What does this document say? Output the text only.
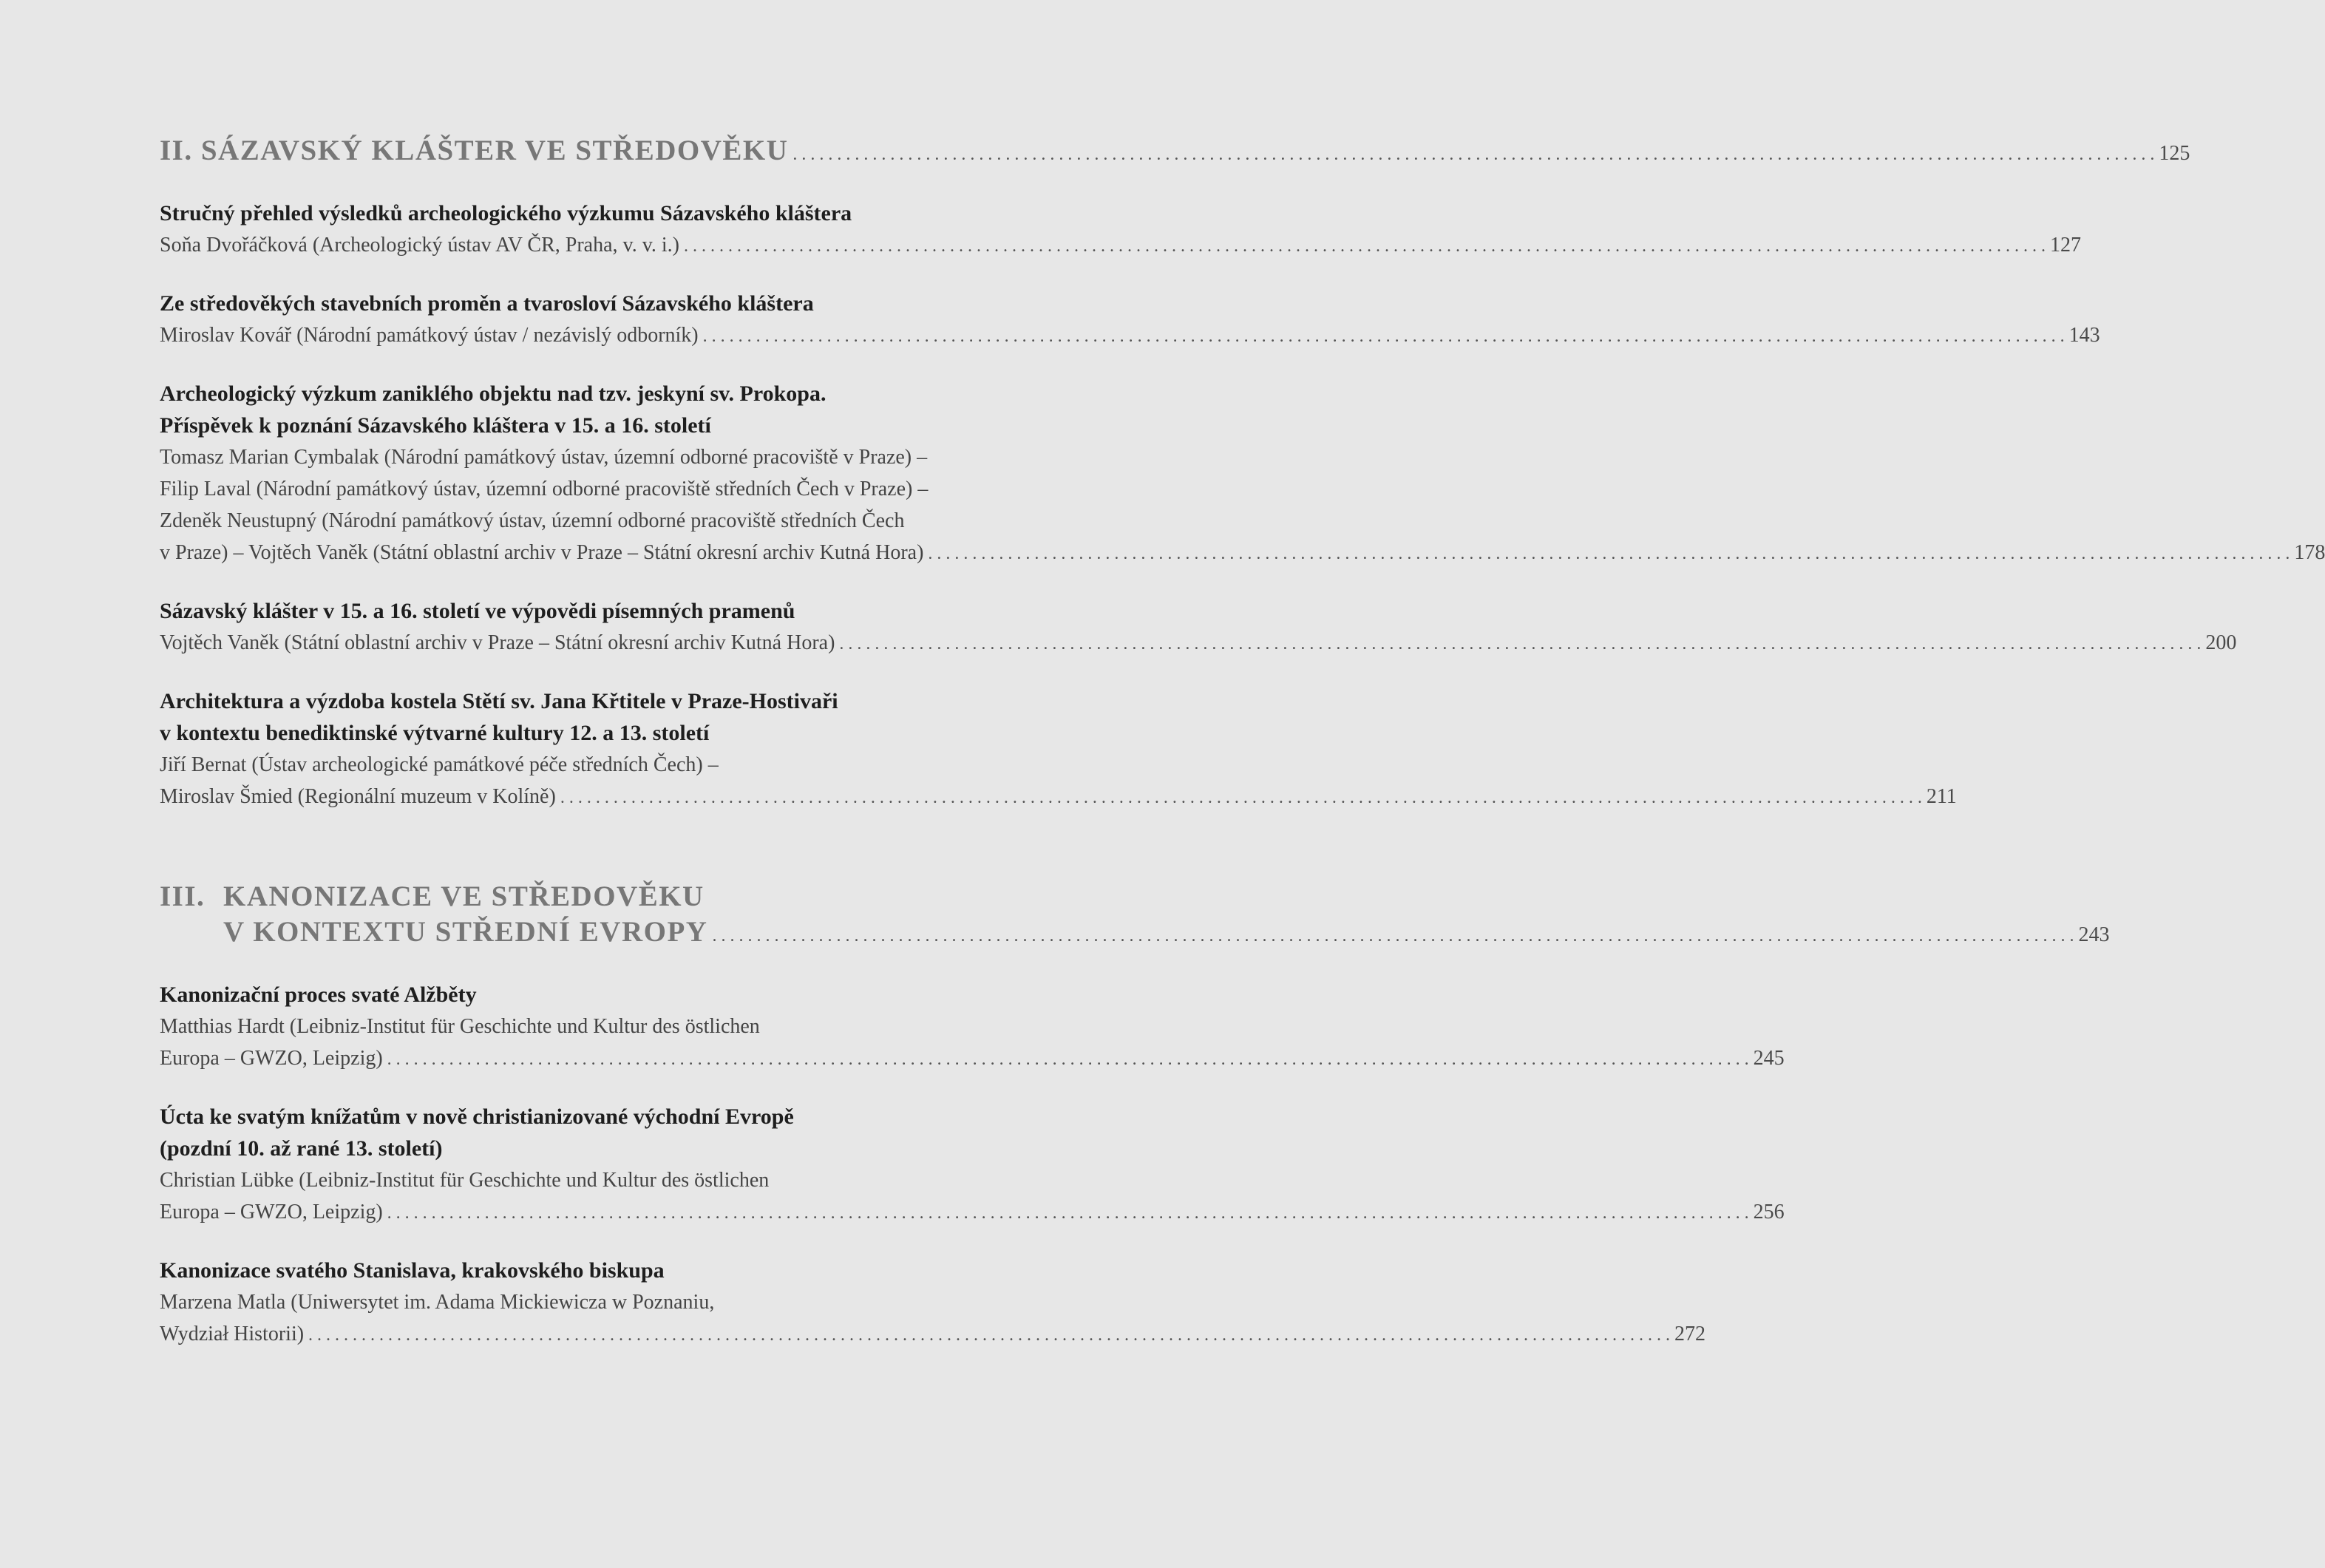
II. SÁZAVSKÝ KLÁŠTER VE STŘEDOVĚKU . . .	125
Stručný přehled výsledků archeologického výzkumu Sázavského kláštera
Soňa Dvořáčková (Archeologický ústav AV ČR, Praha, v. v. i.) . . .	127
Ze středověkých stavebních proměn a tvarosloví Sázavského kláštera
Miroslav Kovář (Národní památkový ústav / nezávislý odborník) . . .	143
Archeologický výzkum zaniklého objektu nad tzv. jeskyní sv. Prokopa.
Příspěvek k poznání Sázavského kláštera v 15. a 16. století
Tomasz Marian Cymbalak (Národní památkový ústav, územní odborné pracoviště v Praze) –
Filip Laval (Národní památkový ústav, územní odborné pracoviště středních Čech v Praze) –
Zdeněk Neustupný (Národní památkový ústav, územní odborné pracoviště středních Čech
v Praze) – Vojtěch Vaněk (Státní oblastní archiv v Praze – Státní okresní archiv Kutná Hora) . . .	178
Sázavský klášter v 15. a 16. století ve výpovědi písemných pramenů
Vojtěch Vaněk (Státní oblastní archiv v Praze – Státní okresní archiv Kutná Hora) . . .	200
Architektura a výzdoba kostela Stětí sv. Jana Křtitele v Praze-Hostivaři
v kontextu benediktinské výtvarné kultury 12. a 13. století
Jiří Bernat (Ústav archeologické památkové péče středních Čech) –
Miroslav Šmied (Regionální muzeum v Kolíně) . . .	211
III. KANONIZACE VE STŘEDOVĚKU
V KONTEXTU STŘEDNÍ EVROPY . . .	243
Kanonizační proces svaté Alžběty
Matthias Hardt (Leibniz-Institut für Geschichte und Kultur des östlichen
Europa – GWZO, Leipzig) . . .	245
Úcta ke svatým knížatům v nově christianizované východní Evropě
(pozdní 10. až rané 13. století)
Christian Lübke (Leibniz-Institut für Geschichte und Kultur des östlichen
Europa – GWZO, Leipzig) . . .	256
Kanonizace svatého Stanislava, krakovského biskupa
Marzena Matla (Uniwersytet im. Adama Mickiewicza w Poznaniu,
Wydział Historii) . . .	272
